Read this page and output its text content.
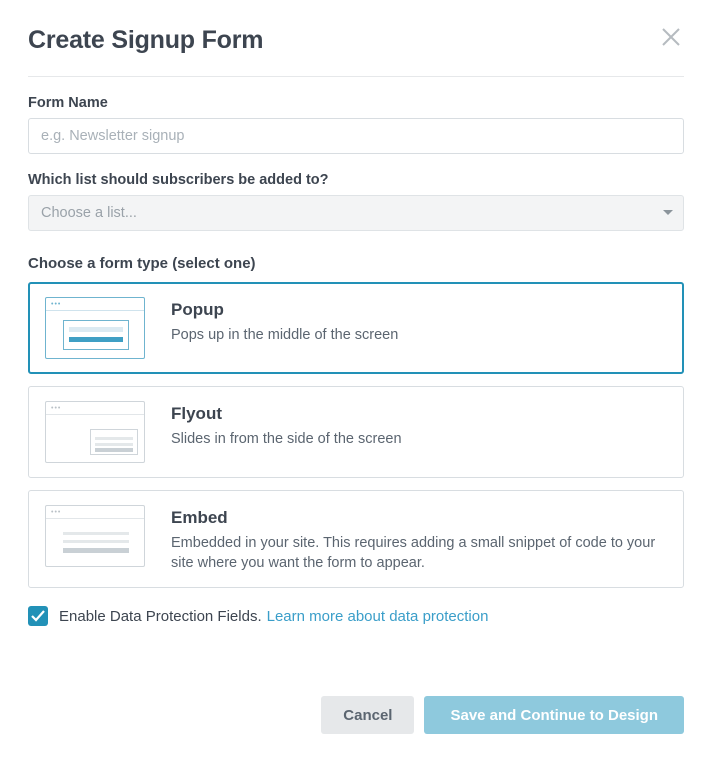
Create Signup Form
Form Name
e.g. Newsletter signup
Which list should subscribers be added to?
Choose a list...
Choose a form type (select one)
•••	Popup
Pops up in the middle of the screen
•••	Flyout
Slides in from the side of the screen
•••	Embed
Embedded in your site. This requires adding a small snippet of code to your site where you want the form to appear.
Enable Data Protection Fields. Learn more about data protection
Cancel	Save and Continue to Design
